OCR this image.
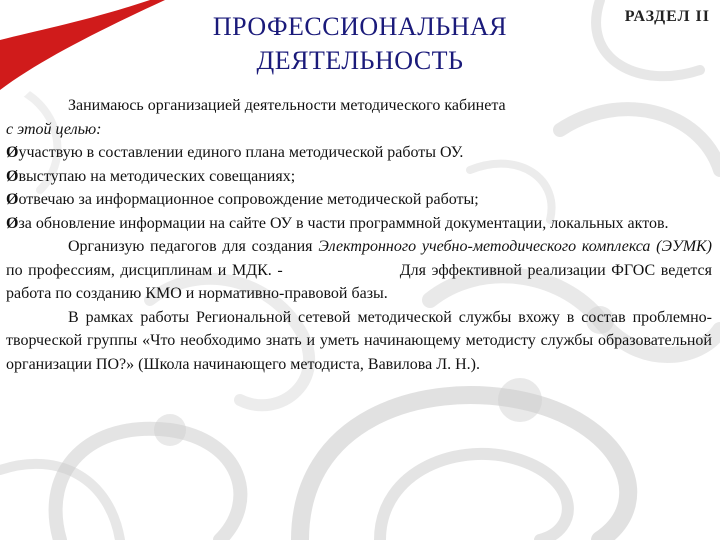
ПРОФЕССИОНАЛЬНАЯ
ДЕЯТЕЛЬНОСТЬ
РАЗДЕЛ II

Занимаюсь организацией деятельности методического кабинета

с этой целью:

Øучаствую в составлении единого плана методической работы ОУ.

Øвыступаю на методических совещаниях;

Øотвечаю за информационное сопровождение методической работы;

Øза обновление информации на сайте ОУ в части программной документации, локальных актов.

Организую педагогов для создания Электронного учебно-методического комплекса (ЭУМК) по профессиям, дисциплинам и МДК. -                     Для эффективной реализации ФГОС ведется работа по созданию КМО и нормативно-правовой базы.

В рамках работы Региональной сетевой методической службы вхожу в состав проблемно-творческой группы «Что необходимо знать и уметь начинающему методисту службы образовательной организации ПО?» (Школа начинающего методиста, Вавилова Л. Н.).
